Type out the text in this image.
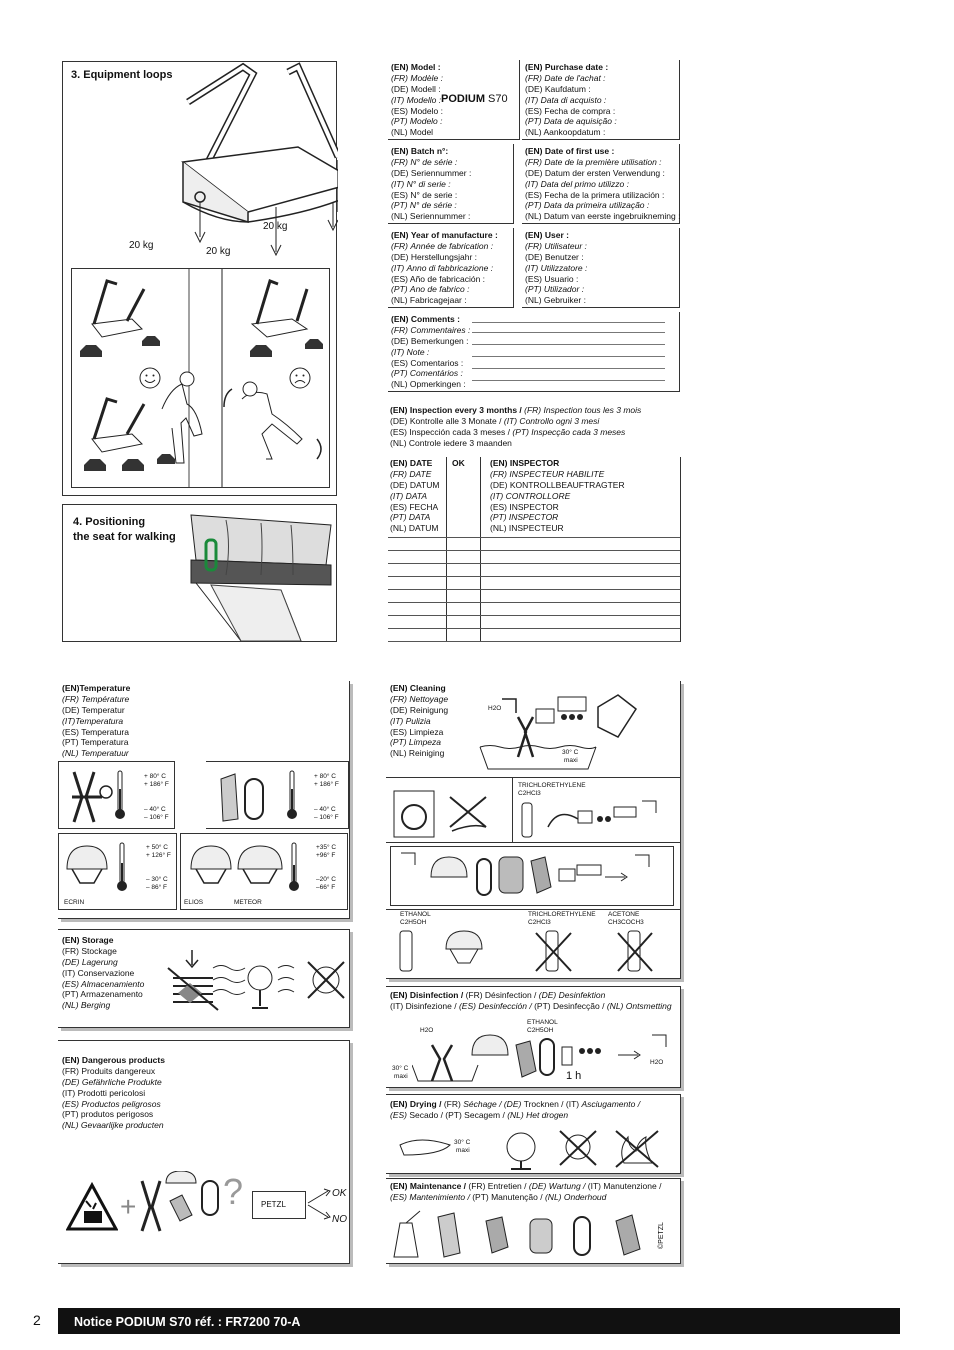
3. Equipment loops
20 kg
20 kg
20 kg
4. Positioning
the seat for walking
(EN) Model :
(FR) Modèle :
(DE) Modell :
(IT) Modello :
(ES) Modelo :
(PT) Modelo :
(NL) Model
PODIUM S70
(EN) Purchase date :
(FR) Date de l'achat :
(DE) Kaufdatum :
(IT) Data di acquisto :
(ES) Fecha de compra :
(PT) Data de aquisição :
(NL) Aankoopdatum :
(EN) Batch n°:
(FR) N° de série :
(DE) Seriennummer :
(IT) N° di serie :
(ES) N° de serie :
(PT) N° de série :
(NL) Seriennummer :
(EN) Date of first use :
(FR) Date de la première utilisation :
(DE) Datum der ersten Verwendung :
(IT) Data del primo utilizzo :
(ES) Fecha de la primera utilización :
(PT) Data da primeira utilização :
(NL) Datum van eerste ingebruikneming :
(EN) Year of manufacture :
(FR) Année de fabrication :
(DE) Herstellungsjahr :
(IT) Anno di fabbricazione :
(ES) Año de fabricación :
(PT) Ano de fabrico :
(NL) Fabricagejaar :
(EN) User :
(FR) Utilisateur :
(DE) Benutzer :
(IT) Utilizzatore :
(ES) Usuario :
(PT) Utilizador :
(NL) Gebruiker :
(EN) Comments :
(FR) Commentaires :
(DE) Bemerkungen :
(IT) Note :
(ES) Comentarios :
(PT) Comentários :
(NL) Opmerkingen :
(EN) Inspection every 3 months / (FR) Inspection tous les 3 mois
(DE) Kontrolle alle 3 Monate / (IT) Controllo ogni 3 mesi
(ES) Inspección cada 3 meses / (PT) Inspecção cada 3 meses
(NL) Controle iedere 3 maanden
(EN) DATE
(FR) DATE
(DE) DATUM
(IT) DATA
(ES) FECHA
(PT) DATA
(NL) DATUM
OK	(EN) INSPECTOR
(FR) INSPECTEUR HABILITE
(DE) KONTROLLBEAUFTRAGTER
(IT) CONTROLLORE
(ES) INSPECTOR
(PT) INSPECTOR
(NL) INSPECTEUR
(EN)Temperature
(FR) Température
(DE) Temperatur
(IT)Temperatura
(ES) Temperatura
(PT) Temperatura
(NL) Temperatuur
+ 80° C
+ 186° F
– 40° C
– 106° F
+ 80° C
+ 186° F
– 40° C
– 106° F
+ 50° C
+ 126° F
– 30° C
– 86° F
ECRIN
+35° C
+96° F
–20° C
–66° F
ELIOS	METEOR
(EN) Storage
(FR) Stockage
(DE) Lagerung
(IT) Conservazione
(ES) Almacenamiento
(PT) Armazenamento
(NL) Berging
(EN) Dangerous products
(FR) Produits dangereux
(DE) Gefährliche Produkte
(IT) Prodotti pericolosi
(ES) Productos peligrosos
(PT) produtos perigosos
(NL) Gevaarlijke producten
+ ?	PETZL
OK
NO
(EN) Cleaning
(FR) Nettoyage
(DE) Reinigung
(IT) Pulizia
(ES) Limpieza
(PT) Limpeza
(NL) Reiniging
H2O
30° C
maxi
TRICHLORETHYLENE
C2HCl3
ETHANOL
C2H5OH
TRICHLORETHYLENE
C2HCl3
ACETONE
CH3COCH3
(EN) Disinfection / (FR) Désinfection / (DE) Desinfektion
(IT) Disinfezione / (ES) Desinfección / (PT) Desinfecção / (NL) Ontsmetting
ETHANOL
C2H5OH
H2O
30° C
maxi	1 h
H2O
(EN) Drying / (FR) Séchage / (DE) Trocknen / (IT) Asciugamento /
(ES) Secado / (PT) Secagem / (NL) Het drogen
30° C
maxi
(EN) Maintenance / (FR) Entretien / (DE) Wartung / (IT) Manutenzione /
(ES) Mantenimiento / (PT) Manutenção / (NL) Onderhoud
©PETZL
2	Notice PODIUM S70 réf. : FR7200 70-A
